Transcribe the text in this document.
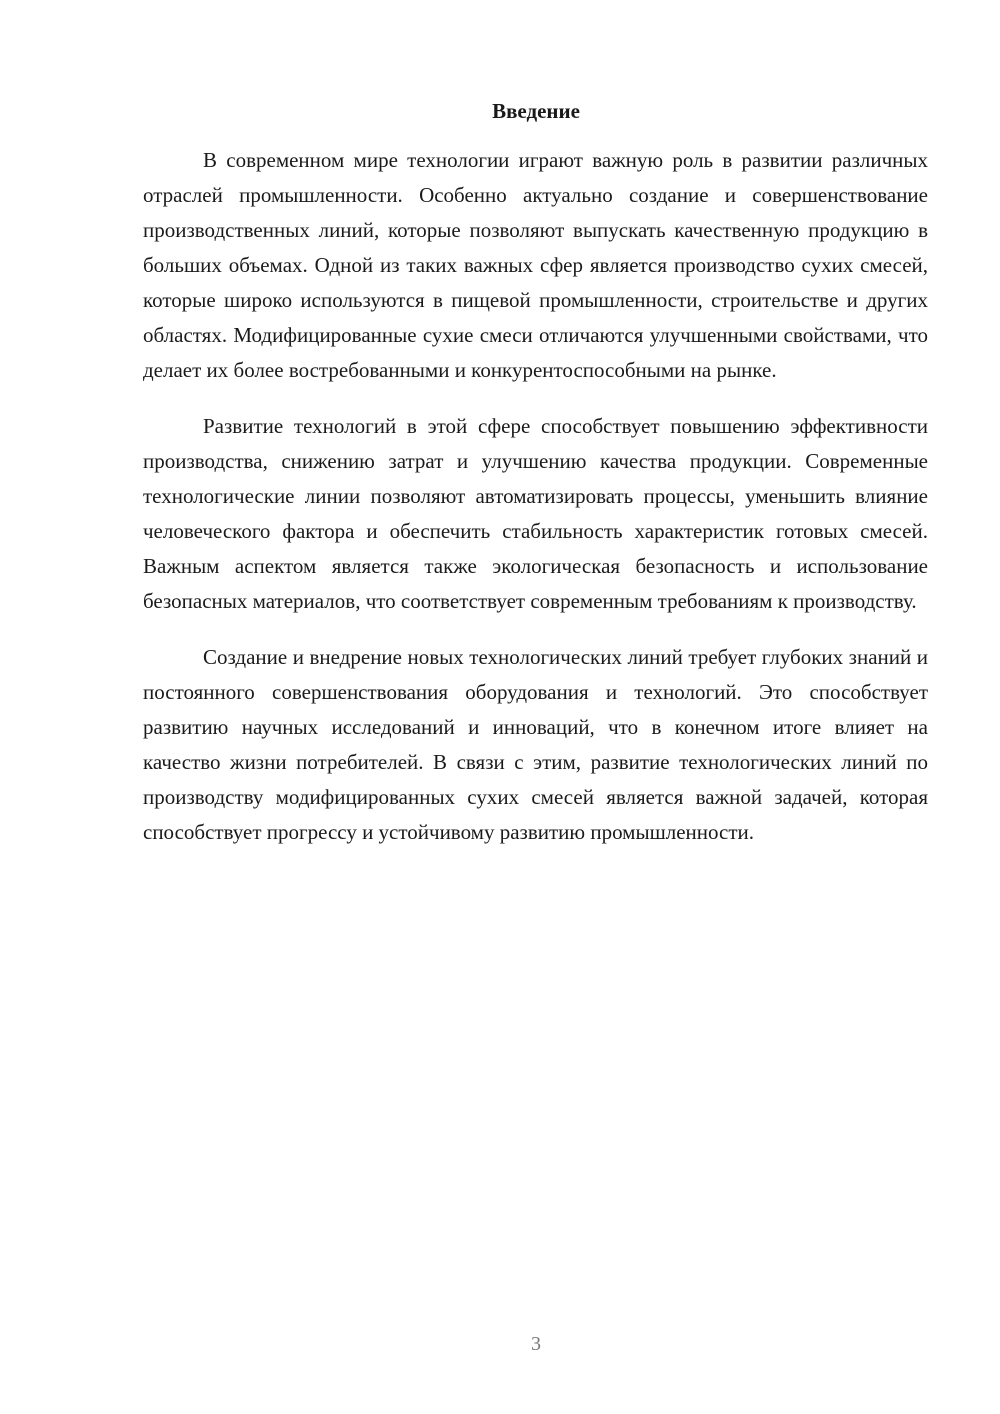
Введение

В современном мире технологии играют важную роль в развитии различных отраслей промышленности. Особенно актуально создание и совершенствование производственных линий, которые позволяют выпускать качественную продукцию в больших объемах. Одной из таких важных сфер является производство сухих смесей, которые широко используются в пищевой промышленности, строительстве и других областях. Модифицированные сухие смеси отличаются улучшенными свойствами, что делает их более востребованными и конкурентоспособными на рынке.

Развитие технологий в этой сфере способствует повышению эффективности производства, снижению затрат и улучшению качества продукции. Современные технологические линии позволяют автоматизировать процессы, уменьшить влияние человеческого фактора и обеспечить стабильность характеристик готовых смесей. Важным аспектом является также экологическая безопасность и использование безопасных материалов, что соответствует современным требованиям к производству.

Создание и внедрение новых технологических линий требует глубоких знаний и постоянного совершенствования оборудования и технологий. Это способствует развитию научных исследований и инноваций, что в конечном итоге влияет на качество жизни потребителей. В связи с этим, развитие технологических линий по производству модифицированных сухих смесей является важной задачей, которая способствует прогрессу и устойчивому развитию промышленности.

3
